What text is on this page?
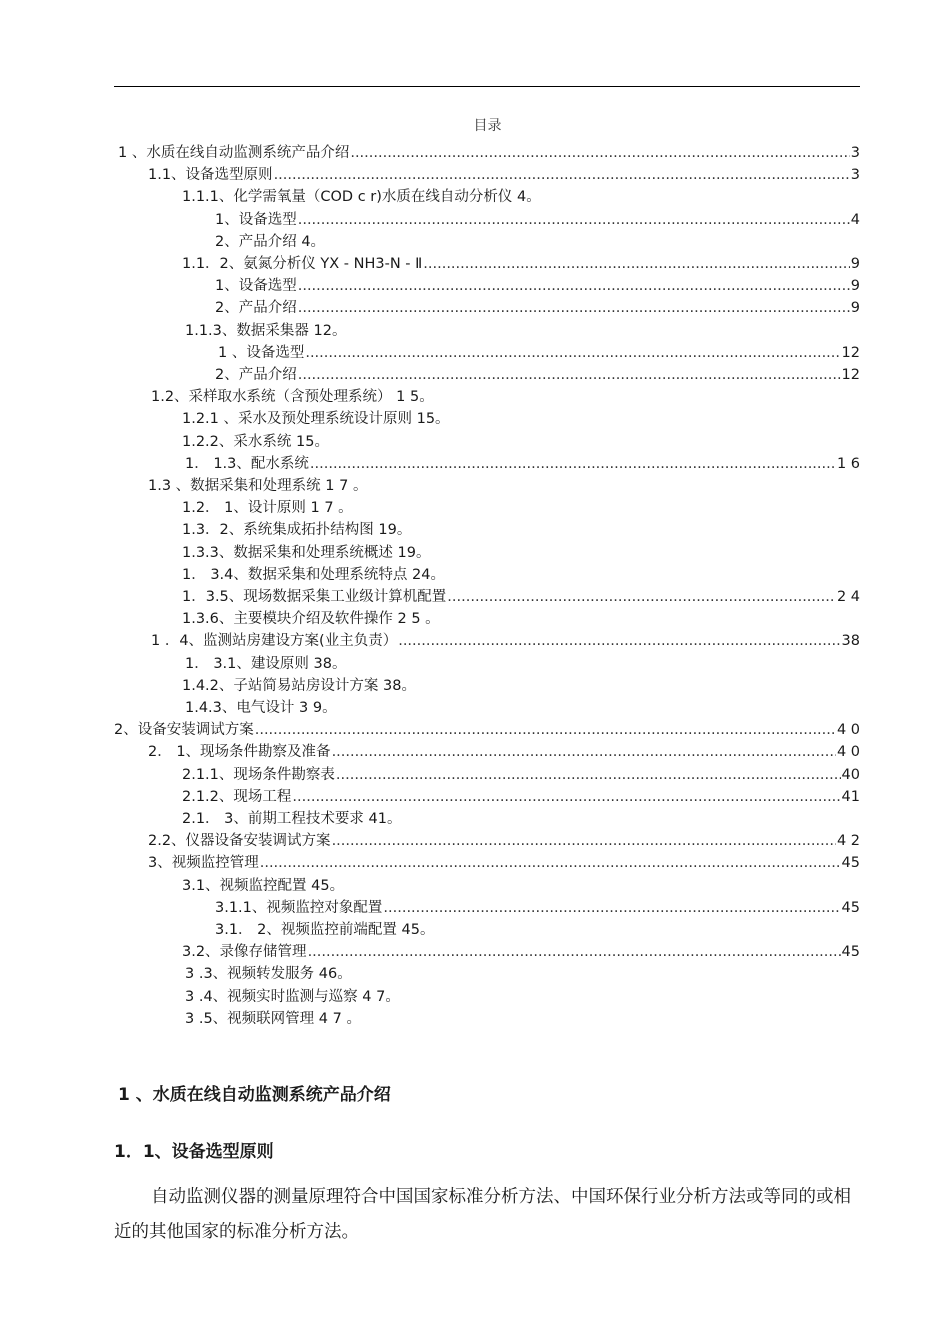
目录
1 、水质在线自动监测系统产品介绍 .....	3
1.1、设备选型原则 .....	3
1.1.1、化学需氧量（COD c r)水质在线自动分析仪 4。
1、设备选型 .....	4
2、产品介绍 4。
1.1．2、氨氮分析仪 YX - NH3-N - Ⅱ .....	9
1、设备选型 .....	9
2、产品介绍 .....	9
1.1.3、数据采集器 12。
1 、设备选型 .....	12
2、产品介绍 .....	12
1.2、采样取水系统（含预处理系统） 1 5。
1.2.1 、采水及预处理系统设计原则 15。
1.2.2、采水系统 15。
1． 1.3、配水系统 .....	1 6
1.3 、数据采集和处理系统 1 7 。
1.2． 1、设计原则 1 7 。
1.3．2、系统集成拓扑结构图 19。
1.3.3、数据采集和处理系统概述 19。
1． 3.4、数据采集和处理系统特点 24。
1．3.5、现场数据采集工业级计算机配置 .....	2 4
1.3.6、主要模块介绍及软件操作 2 5 。
1 ．4、监测站房建设方案(业主负责） .....	38
1． 3.1、建设原则 38。
1.4.2、子站简易站房设计方案 38。
1.4.3、电气设计 3 9。
2、设备安装调试方案 .....	4 0
2． 1、现场条件勘察及准备 .....	4 0
2.1.1、现场条件勘察表 .....	40
2.1.2、现场工程 .....	41
2.1． 3、前期工程技术要求 41。
2.2、仪器设备安装调试方案 .....	4 2
3、视频监控管理 .....	45
3.1、视频监控配置 45。
3.1.1、视频监控对象配置 .....	45
3.1． 2、视频监控前端配置 45。
3.2、录像存储管理 .....	45
3 .3、视频转发服务 46。
3 .4、视频实时监测与巡察 4 7。
3 .5、视频联网管理 4 7 。
1 、水质在线自动监测系统产品介绍
1．1、设备选型原则
自动监测仪器的测量原理符合中国国家标准分析方法、中国环保行业分析方法或等同的或相近的其他国家的标准分析方法。
